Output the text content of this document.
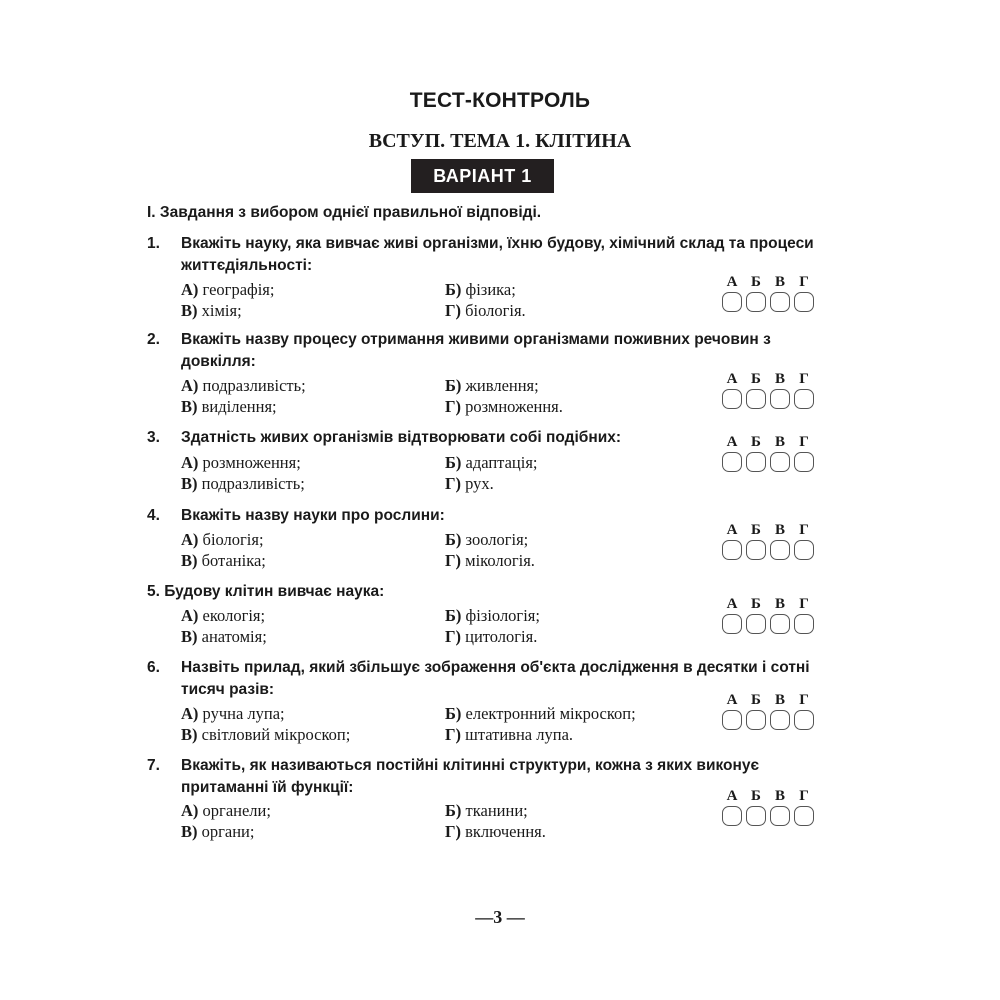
ТЕСТ-КОНТРОЛЬ
ВСТУП. ТЕМА 1. КЛІТИНА
ВАРІАНТ 1
I. Завдання з вибором однієї правильної відповіді.
1. Вкажіть науку, яка вивчає живі організми, їхню будову, хімічний склад та процеси життєдіяльності:
А) географія;	Б) фізика;
В) хімія;	Г) біологія.
А Б В Г
2. Вкажіть назву процесу отримання живими організмами поживних речовин з довкілля:
А) подразливість;	Б) живлення;
В) виділення;	Г) розмноження.
А Б В Г
3. Здатність живих організмів відтворювати собі подібних:
А) розмноження;	Б) адаптація;
В) подразливість;	Г) рух.
А Б В Г
4. Вкажіть назву науки про рослини:
А) біологія;	Б) зоологія;
В) ботаніка;	Г) мікологія.
А Б В Г
5. Будову клітин вивчає наука:
А) екологія;	Б) фізіологія;
В) анатомія;	Г) цитологія.
А Б В Г
6. Назвіть прилад, який збільшує зображення об'єкта дослідження в десятки і сотні тисяч разів:
А) ручна лупа;	Б) електронний мікроскоп;
В) світловий мікроскоп;	Г) штативна лупа.
А Б В Г
7. Вкажіть, як називаються постійні клітинні структури, кожна з яких виконує притаманні їй функції:
А) органели;	Б) тканини;
В) органи;	Г) включення.
А Б В Г
—3 —
